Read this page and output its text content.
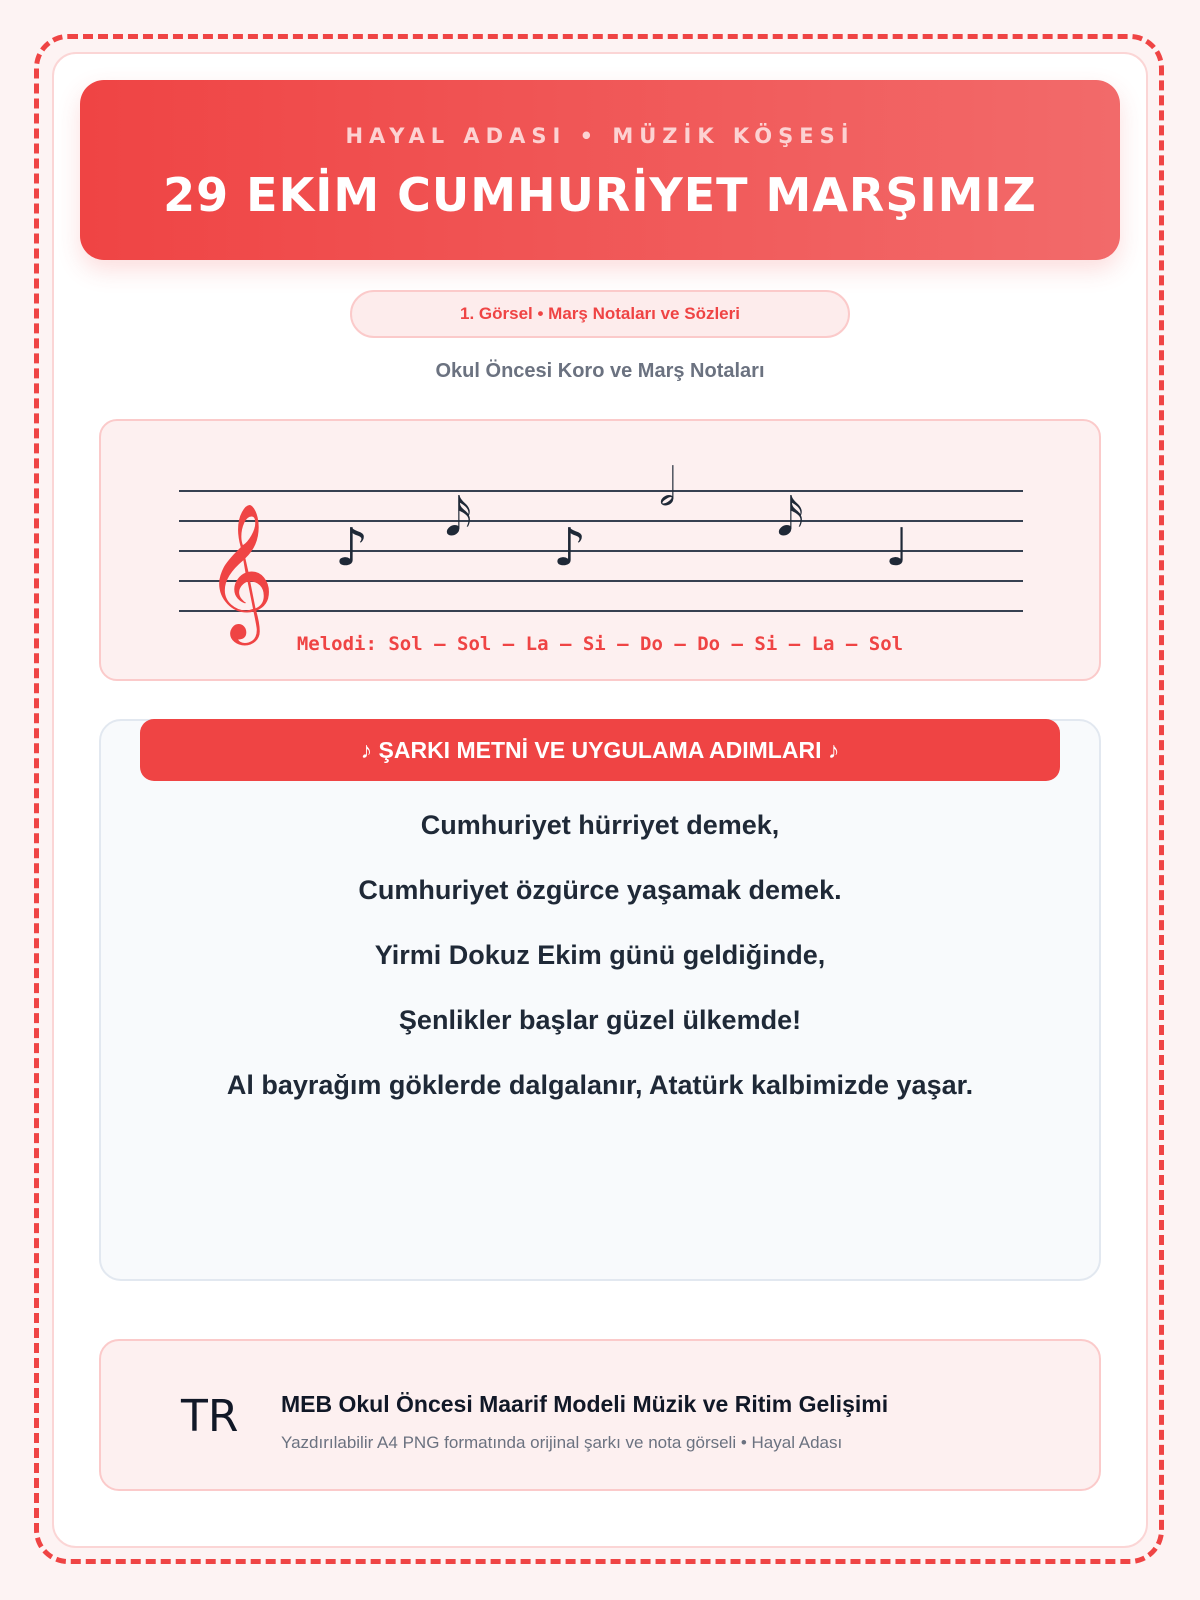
HAYAL ADASI • MÜZİK KÖŞESİ
29 EKİM CUMHURİYET MARŞIMIZ
1. Görsel • Marş Notaları ve Sözleri
Okul Öncesi Koro ve Marş Notaları
𝄞 ♪ 𝅘𝅥𝅯 ♪
𝅗𝅥 𝅘𝅥𝅯 ♩
Melodi: Sol – Sol – La – Si – Do – Do – Si – La – Sol
♪ ŞARKI METNİ VE UYGULAMA ADIMLARI ♪
Cumhuriyet hürriyet demek,
Cumhuriyet özgürce yaşamak demek.
Yirmi Dokuz Ekim günü geldiğinde,
Şenlikler başlar güzel ülkemde!
Al bayrağım göklerde dalgalanır, Atatürk kalbimizde yaşar.
TR MEB Okul Öncesi Maarif Modeli Müzik ve Ritim Gelişimi
Yazdırılabilir A4 PNG formatında orijinal şarkı ve nota görseli • Hayal Adası
